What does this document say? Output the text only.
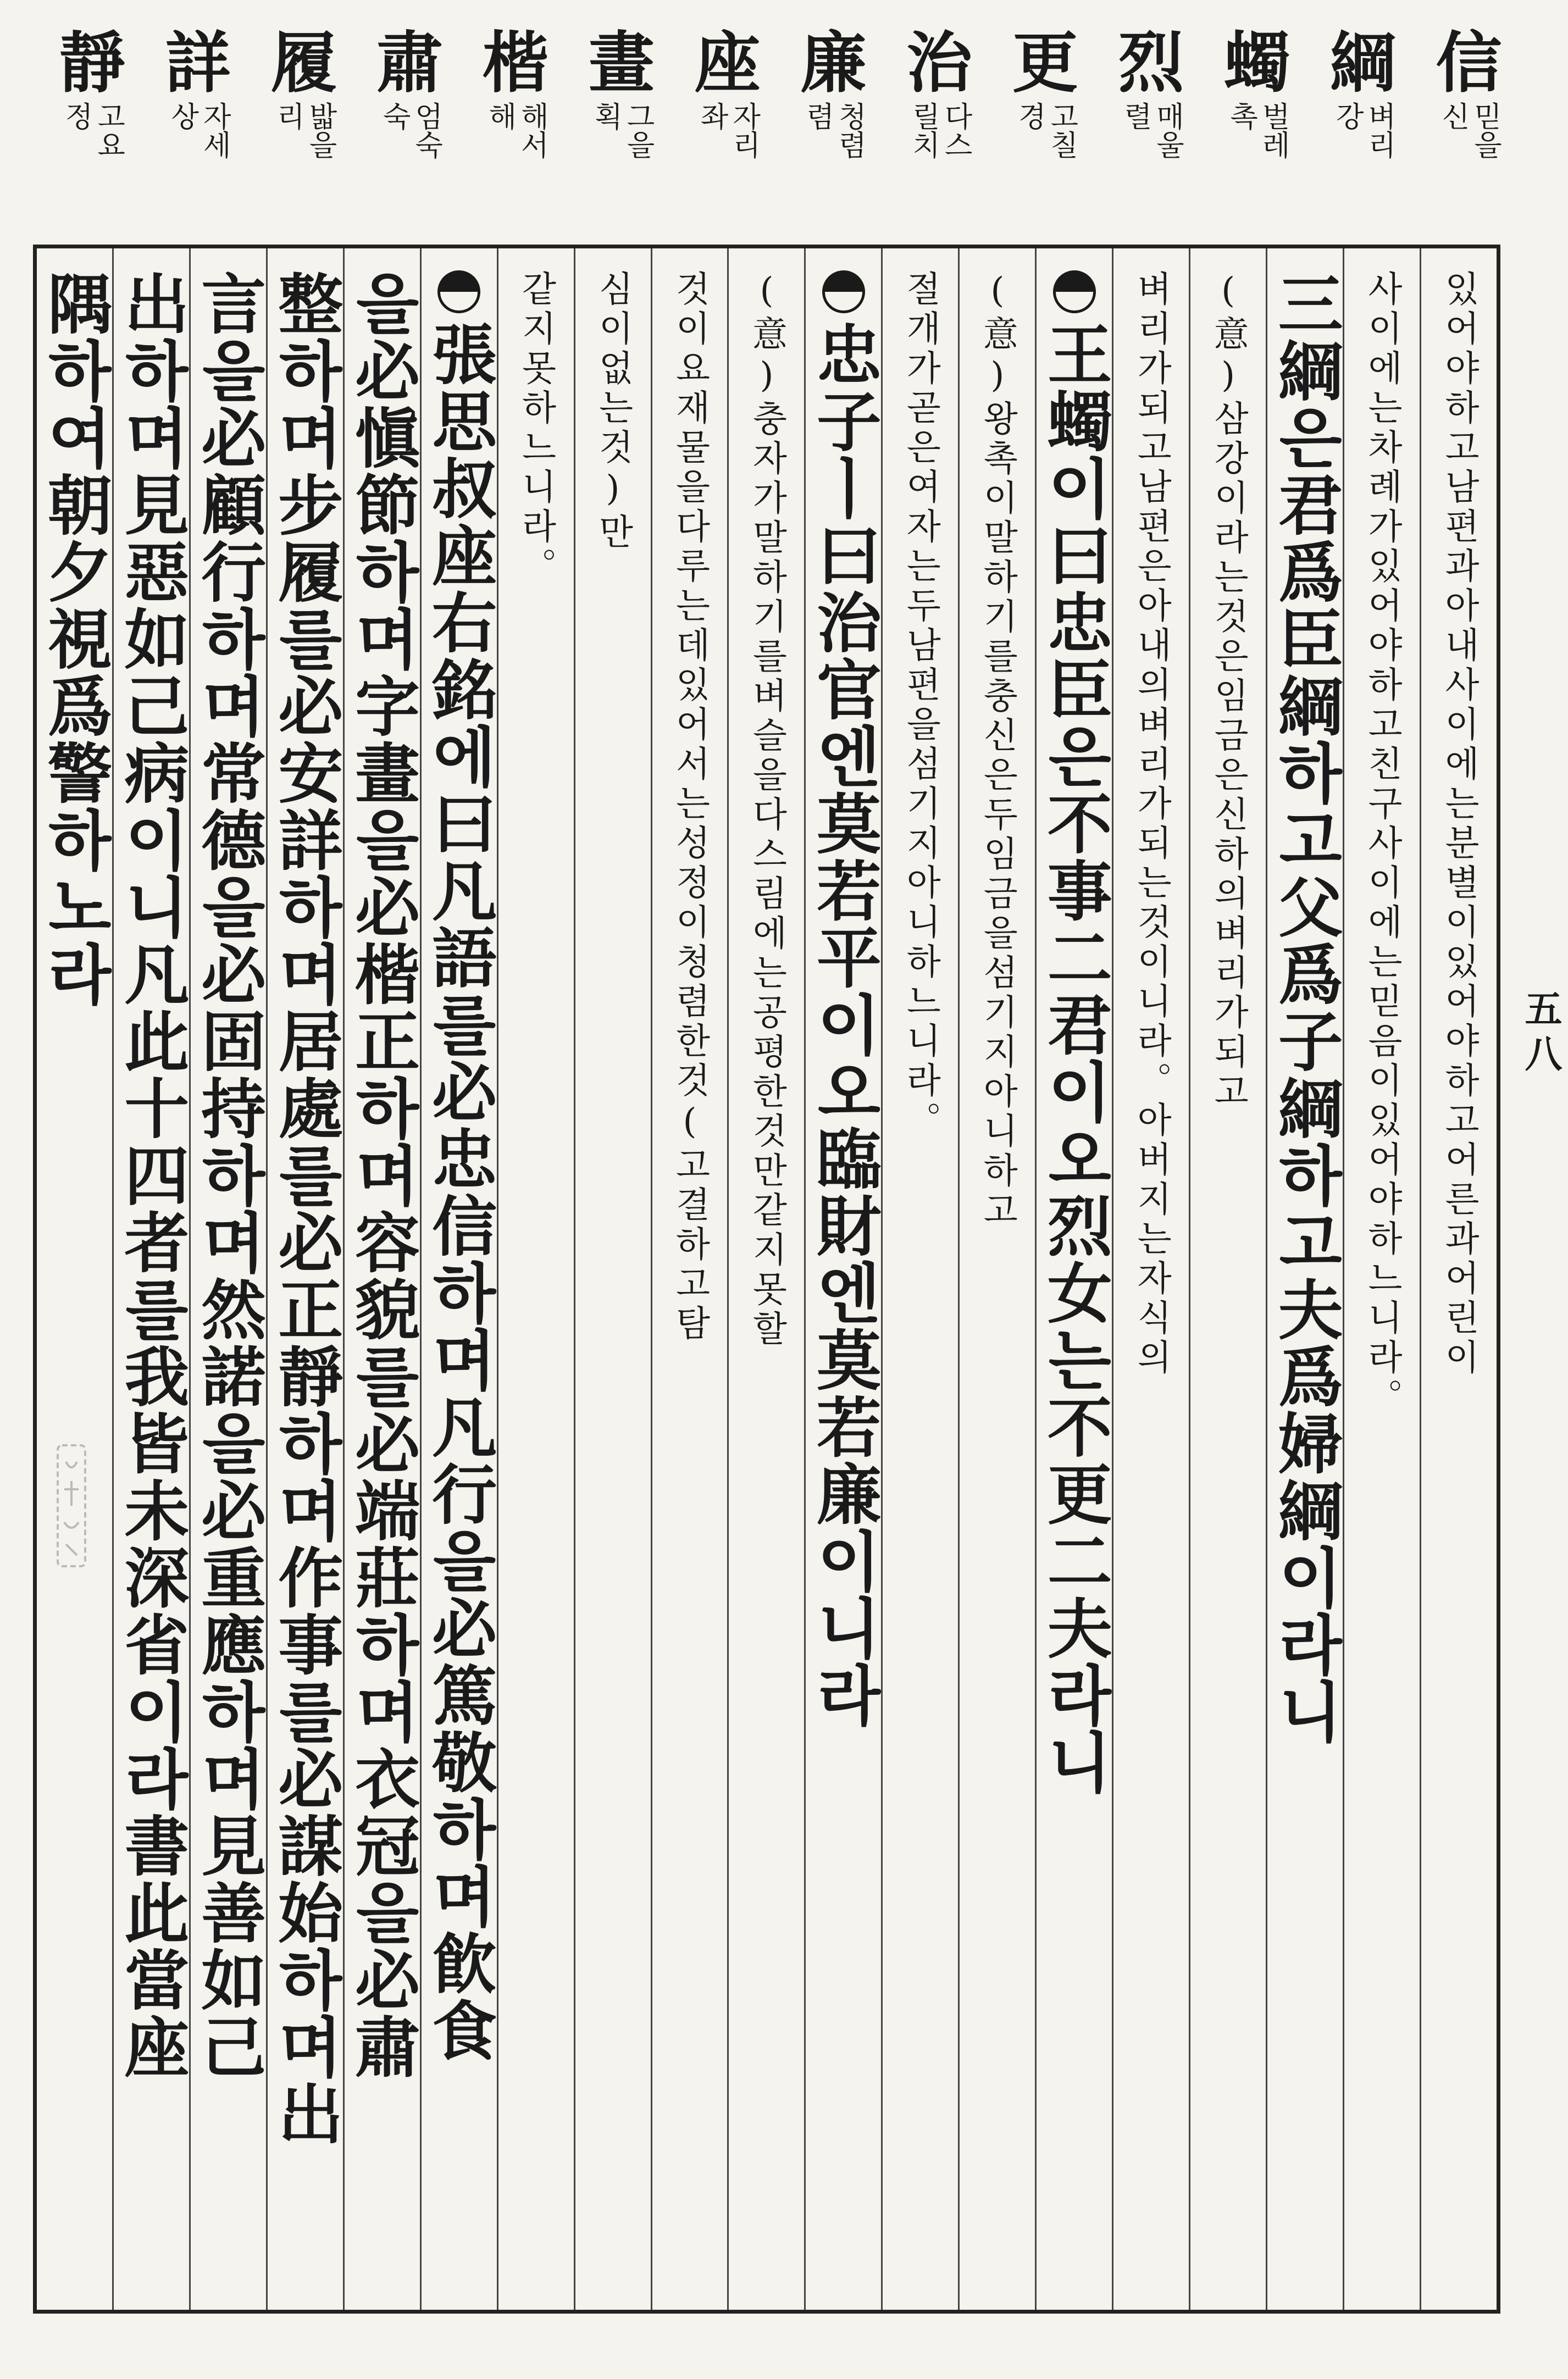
信
믿을
신
綱
벼리
강
蠋
벌레
촉
烈
매울
렬
更
고칠
경
治
다스
릴치
廉
청렴
렴
座
자리
좌
畫
그을
획
楷
해서
해
肅
엄숙
숙
履
밟을
리
詳
자세
상
靜
고요
정
있어야하고남편과아내사이에는분별이있어야하고어른과어린이
사이에는차례가있어야하고친구사이에는믿음이있어야하느니라。
三綱은君爲臣綱하고父爲子綱하고夫爲婦綱이라니
(意)삼강이라는것은임금은신하의벼리가되고
벼리가되고남편은아내의벼리가되는것이니라。아버지는자식의
王蠋이曰忠臣은不事二君이오烈女는不更二夫라니
(意)왕촉이말하기를충신은두임금을섬기지아니하고
절개가곧은여자는두남편을섬기지아니하느니라。
忠子ㅣ曰治官엔莫若平이오臨財엔莫若廉이니라
(意)충자가말하기를벼슬을다스림에는공평한것만같지못할
것이요재물을다루는데있어서는성정이청렴한것(고결하고탐
심이없는것)만
같지못하느니라。
張思叔座右銘에曰凡語를必忠信하며凡行을必篤敬하며飮食
을必愼節하며字畫을必楷正하며容貌를必端莊하며衣冠을必肅
整하며步履를必安詳하며居處를必正靜하며作事를必謀始하며出
言을必顧行하며常德을必固持하며然諾을必重應하며見善如己
出하며見惡如己病이니凡此十四者를我皆未深省이라書此當座
隅하여朝夕視爲警하노라
五八
